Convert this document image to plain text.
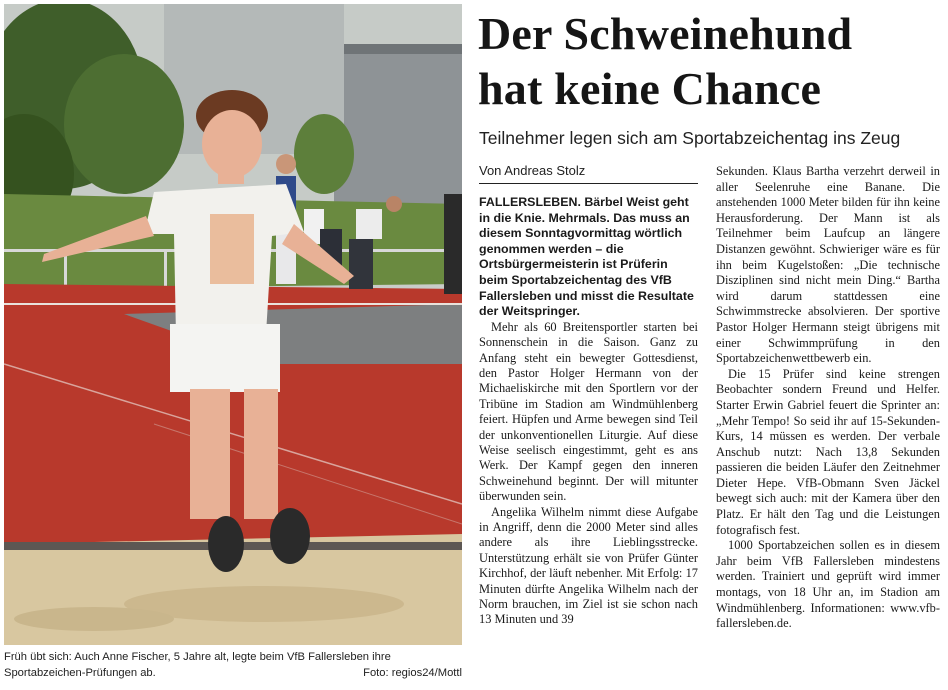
Früh übt sich: Auch Anne Fischer, 5 Jahre alt, legte beim VfB Fallersleben ihre Sportabzeichen-Prüfungen ab.	Foto: regios24/Mottl
Der Schweinehund
hat keine Chance
Teilnehmer legen sich am Sportabzeichentag ins Zeug
Von Andreas Stolz

FALLERSLEBEN. Bärbel Weist geht in die Knie. Mehrmals. Das muss an diesem Sonntagvormittag wörtlich genommen werden – die Ortsbürgermeisterin ist Prüferin beim Sportabzeichentag des VfB Fallersleben und misst die Resultate der Weitspringer.

Mehr als 60 Breitensportler starten bei Sonnenschein in die Saison. Ganz zu Anfang steht ein bewegter Gottesdienst, den Pastor Holger Hermann von der Michaeliskirche mit den Sportlern vor der Tribüne im Stadion am Windmühlenberg feiert. Hüpfen und Arme bewegen sind Teil der unkonventionellen Liturgie. Auf diese Weise seelisch eingestimmt, geht es ans Werk. Der Kampf gegen den inneren Schweinehund beginnt. Der will mitunter überwunden sein.

Angelika Wilhelm nimmt diese Aufgabe in Angriff, denn die 2000 Meter sind alles andere als ihre Lieblingsstrecke. Unterstützung erhält sie von Prüfer Günter Kirchhof, der läuft nebenher. Mit Erfolg: 17 Minuten dürfte Angelika Wilhelm nach der Norm brauchen, im Ziel ist sie schon nach 13 Minuten und 39

Sekunden. Klaus Bartha verzehrt derweil in aller Seelenruhe eine Banane. Die anstehenden 1000 Meter bilden für ihn keine Herausforderung. Der Mann ist als Teilnehmer beim Laufcup an längere Distanzen gewöhnt. Schwieriger wäre es für ihn beim Kugelstoßen: „Die technische Disziplinen sind nicht mein Ding.“ Bartha wird darum stattdessen eine Schwimmstrecke absolvieren. Der sportive Pastor Holger Hermann steigt übrigens mit einer Schwimmprüfung in den Sportabzeichenwettbewerb ein.

Die 15 Prüfer sind keine strengen Beobachter sondern Freund und Helfer. Starter Erwin Gabriel feuert die Sprinter an: „Mehr Tempo! So seid ihr auf 15-Sekunden-Kurs, 14 müssen es werden. Der verbale Anschub nutzt: Nach 13,8 Sekunden passieren die beiden Läufer den Zeitnehmer Dieter Hepe. VfB-Obmann Sven Jäckel bewegt sich auch: mit der Kamera über den Platz. Er hält den Tag und die Leistungen fotografisch fest.

1000 Sportabzeichen sollen es in diesem Jahr beim VfB Fallersleben mindestens werden. Trainiert und geprüft wird immer montags, von 18 Uhr an, im Stadion am Windmühlenberg. Informationen: www.vfb-fallersleben.de.
